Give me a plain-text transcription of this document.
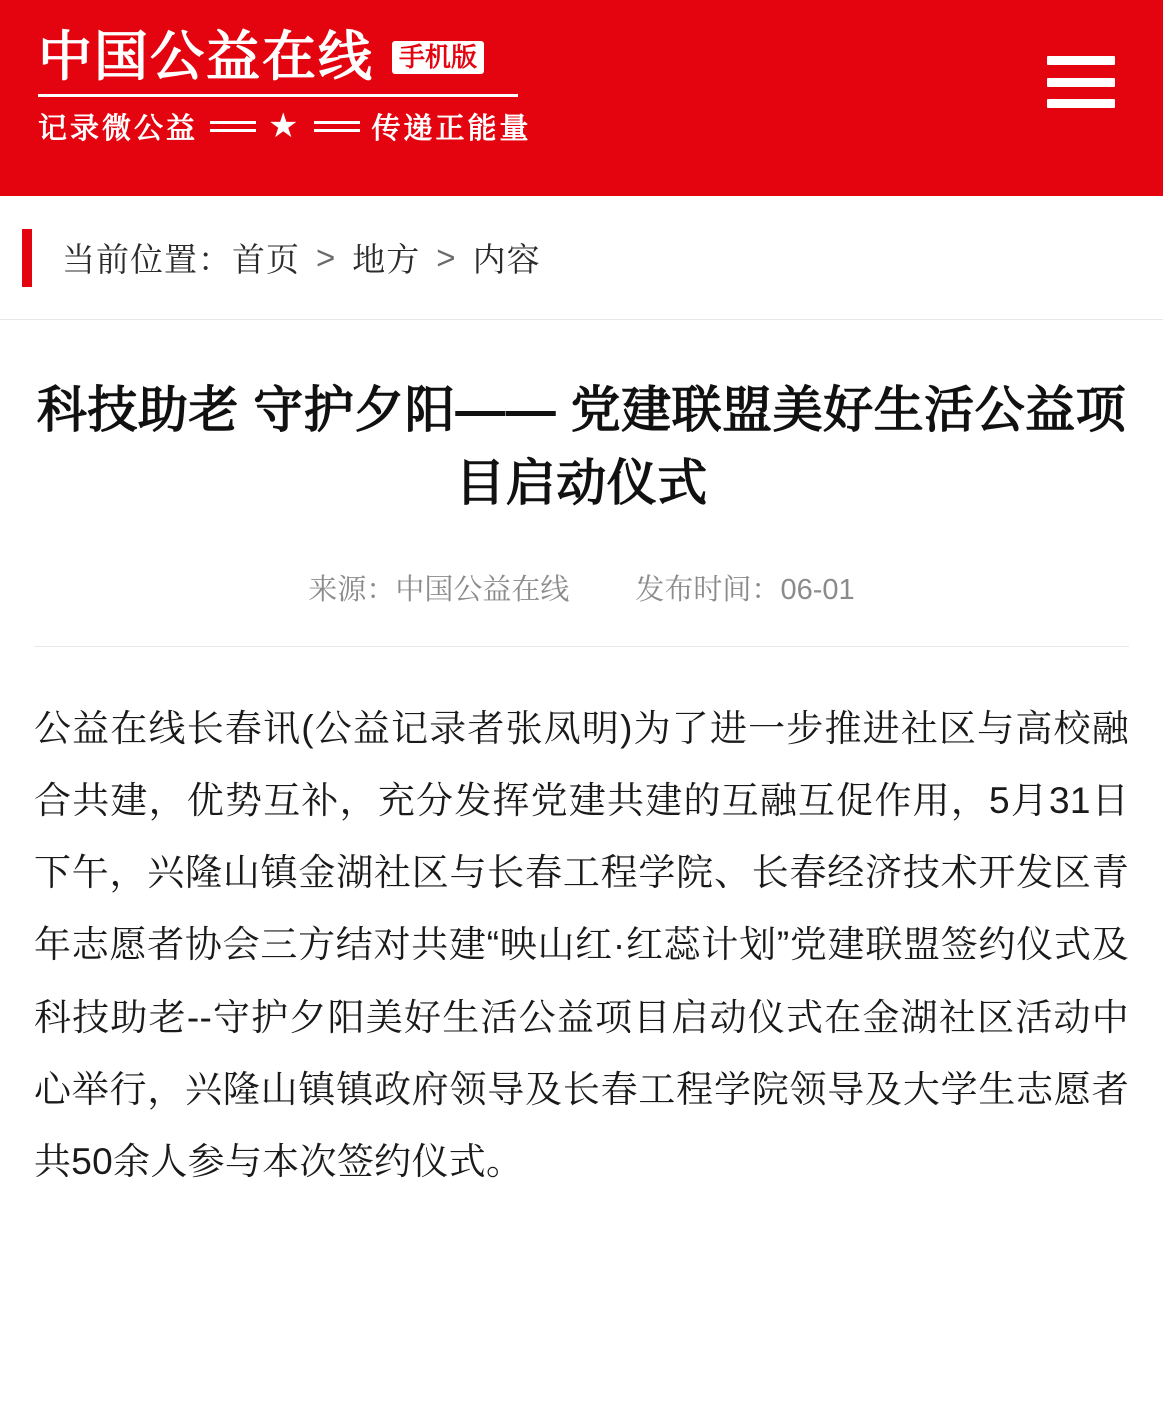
中国公益在线 手机版
记录微公益 ★ 传递正能量
当前位置： 首页 > 地方 > 内容
科技助老 守护夕阳—— 党建联盟美好生活公益项目启动仪式
来源：中国公益在线 发布时间：06-01

公益在线长春讯(公益记录者张凤明)为了进一步推进社区与高校融合共建，优势互补，充分发挥党建共建的互融互促作用，5月31日下午，兴隆山镇金湖社区与长春工程学院、长春经济技术开发区青年志愿者协会三方结对共建“映山红·红蕊计划”党建联盟签约仪式及科技助老--守护夕阳美好生活公益项目启动仪式在金湖社区活动中心举行，兴隆山镇镇政府领导及长春工程学院领导及大学生志愿者共50余人参与本次签约仪式。
